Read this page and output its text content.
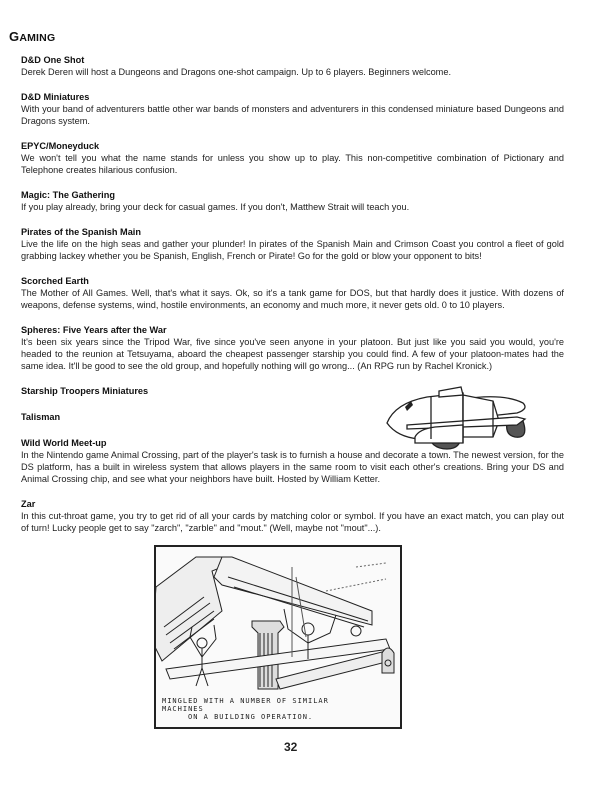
GAMING
D&D One Shot

Derek Deren will host a Dungeons and Dragons one-shot campaign. Up to 6 players. Beginners welcome.

D&D Miniatures

With your band of adventurers battle other war bands of monsters and adventurers in this condensed miniature based Dungeons and Dragons system.

EPYC/Moneyduck

We won't tell you what the name stands for unless you show up to play. This non-competitive combination of Pictionary and Telephone creates hilarious confusion.

Magic: The Gathering

If you play already, bring your deck for casual games. If you don't, Matthew Strait will teach you.

Pirates of the Spanish Main

Live the life on the high seas and gather your plunder! In pirates of the Spanish Main and Crimson Coast you control a fleet of gold grabbing lackey whether you be Spanish, English, French or Pirate! Go for the gold or blow your opponent to bits!

Scorched Earth

The Mother of All Games. Well, that's what it says. Ok, so it's a tank game for DOS, but that hardly does it justice. With dozens of weapons, defense systems, wind, hostile environments, an economy and much more, it never gets old. 0 to 10 players.

Spheres: Five Years after the War

It's been six years since the Tripod War, five since you've seen anyone in your platoon. But just like you said you would, you're headed to the reunion at Tetsuyama, aboard the cheapest passenger starship you could find. A few of your platoon-mates had the same idea. It'll be good to see the old group, and hopefully nothing will go wrong... (An RPG run by Rachel Kronick.)

Starship Troopers Miniatures
Talisman
Wild World Meet-up

In the Nintendo game Animal Crossing, part of the player's task is to furnish a house and decorate a town. The newest version, for the DS platform, has a built in wireless system that allows players in the same room to visit each other's creations. Bring your DS and Animal Crossing chip, and see what your neighbors have built. Hosted by William Ketter.

Zar

In this cut-throat game, you try to get rid of all your cards by matching color or symbol. If you have an exact match, you can play out of turn! Lucky people get to say "zarch", "zarble" and "mout." (Well, maybe not "mout"...).

MINGLED WITH A NUMBER OF SIMILAR MACHINES
ON A BUILDING OPERATION.
32
